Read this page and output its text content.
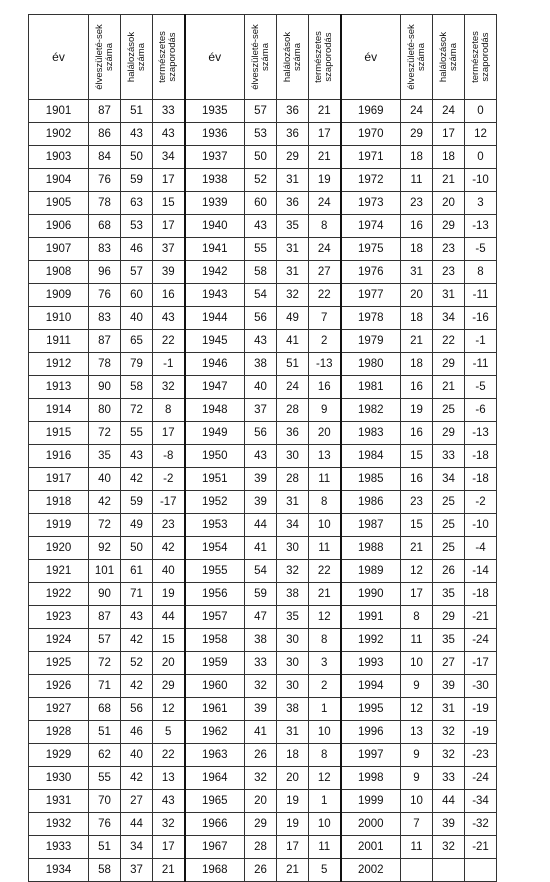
év	élveszületé-sek száma	halálozások száma	természetes szaporodás	év	élveszületé-sek száma	halálozások száma	természetes szaporodás	év	élveszületé-sek száma	halálozások száma	természetes szaporodás

1901	87	51	33	1935	57	36	21	1969	24	24	0
1902	86	43	43	1936	53	36	17	1970	29	17	12
1903	84	50	34	1937	50	29	21	1971	18	18	0
1904	76	59	17	1938	52	31	19	1972	11	21	-10
1905	78	63	15	1939	60	36	24	1973	23	20	3
1906	68	53	17	1940	43	35	8	1974	16	29	-13
1907	83	46	37	1941	55	31	24	1975	18	23	-5
1908	96	57	39	1942	58	31	27	1976	31	23	8
1909	76	60	16	1943	54	32	22	1977	20	31	-11
1910	83	40	43	1944	56	49	7	1978	18	34	-16
1911	87	65	22	1945	43	41	2	1979	21	22	-1
1912	78	79	-1	1946	38	51	-13	1980	18	29	-11
1913	90	58	32	1947	40	24	16	1981	16	21	-5
1914	80	72	8	1948	37	28	9	1982	19	25	-6
1915	72	55	17	1949	56	36	20	1983	16	29	-13
1916	35	43	-8	1950	43	30	13	1984	15	33	-18
1917	40	42	-2	1951	39	28	11	1985	16	34	-18
1918	42	59	-17	1952	39	31	8	1986	23	25	-2
1919	72	49	23	1953	44	34	10	1987	15	25	-10
1920	92	50	42	1954	41	30	11	1988	21	25	-4
1921	101	61	40	1955	54	32	22	1989	12	26	-14
1922	90	71	19	1956	59	38	21	1990	17	35	-18
1923	87	43	44	1957	47	35	12	1991	8	29	-21
1924	57	42	15	1958	38	30	8	1992	11	35	-24
1925	72	52	20	1959	33	30	3	1993	10	27	-17
1926	71	42	29	1960	32	30	2	1994	9	39	-30
1927	68	56	12	1961	39	38	1	1995	12	31	-19
1928	51	46	5	1962	41	31	10	1996	13	32	-19
1929	62	40	22	1963	26	18	8	1997	9	32	-23
1930	55	42	13	1964	32	20	12	1998	9	33	-24
1931	70	27	43	1965	20	19	1	1999	10	44	-34
1932	76	44	32	1966	29	19	10	2000	7	39	-32
1933	51	34	17	1967	28	17	11	2001	11	32	-21
1934	58	37	21	1968	26	21	5	2002			
